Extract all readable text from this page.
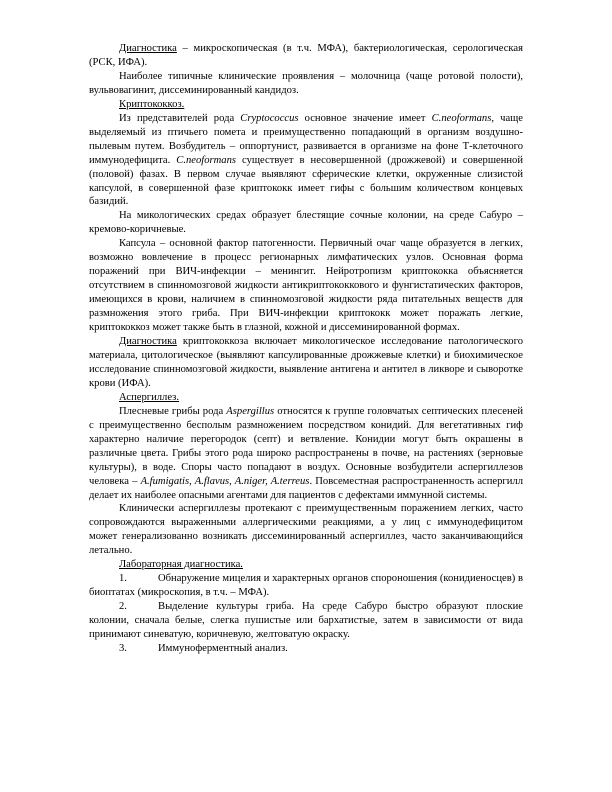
Диагностика – микроскопическая (в т.ч. МФА), бактериологическая, серологическая (РСК, ИФА).

Наиболее типичные клинические проявления – молочница (чаще ротовой полости), вульвовагинит, диссеминированный кандидоз.

Криптококкоз.

Из представителей рода Cryptococcus основное значение имеет C.neoformans, чаще выделяемый из птичьего помета и преимущественно попадающий в организм воздушно-пылевым путем. Возбудитель – оппортунист, развивается в организме на фоне Т-клеточного иммунодефицита. C.neoformans существует в несовершенной (дрожжевой) и совершенной (половой) фазах. В первом случае выявляют сферические клетки, окруженные слизистой капсулой, в совершенной фазе криптококк имеет гифы с большим количеством концевых базидий.

На микологических средах образует блестящие сочные колонии, на среде Сабуро – кремово-коричневые.

Капсула – основной фактор патогенности. Первичный очаг чаще образуется в легких, возможно вовлечение в процесс регионарных лимфатических узлов. Основная форма поражений при ВИЧ-инфекции – менингит. Нейротропизм криптококка объясняется отсутствием в спинномозговой жидкости антикриптококкового и фунгистатических факторов, имеющихся в крови, наличием в спинномозговой жидкости ряда питательных веществ для размножения этого гриба. При ВИЧ-инфекции криптококк может поражать легкие, криптококкоз может также быть в глазной, кожной и диссеминированной формах.

Диагностика криптококкоза включает микологическое исследование патологического материала, цитологическое (выявляют капсулированные дрожжевые клетки) и биохимическое исследование спинномозговой жидкости, выявление антигена и антител в ликворе и сыворотке крови (ИФА).

Аспергиллез.

Плесневые грибы рода Aspergillus относятся к группе головчатых септических плесеней с преимущественно бесполым размножением посредством конидий. Для вегетативных гиф характерно наличие перегородок (септ) и ветвление. Конидии могут быть окрашены в различные цвета. Грибы этого рода широко распространены в почве, на растениях (зерновые культуры), в воде. Споры часто попадают в воздух. Основные возбудители аспергиллезов человека – A.fumigatis, A.flavus, A.niger, A.terreus. Повсеместная распространенность аспергилл делает их наиболее опасными агентами для пациентов с дефектами иммунной системы.

Клинически аспергиллезы протекают с преимущественным поражением легких, часто сопровождаются выраженными аллергическими реакциями, а у лиц с иммунодефицитом может генерализованно возникать диссеминированный аспергиллез, часто заканчивающийся летально.

Лабораторная диагностика.

1.	Обнаружение мицелия и характерных органов спороношения (конидиеносцев) в биоптатах (микроскопия, в т.ч. – МФА).

2.	Выделение культуры гриба. На среде Сабуро быстро образуют плоские колонии, сначала белые, слегка пушистые или бархатистые, затем в зависимости от вида принимают синеватую, коричневую, желтоватую окраску.

3.	Иммуноферментный анализ.
